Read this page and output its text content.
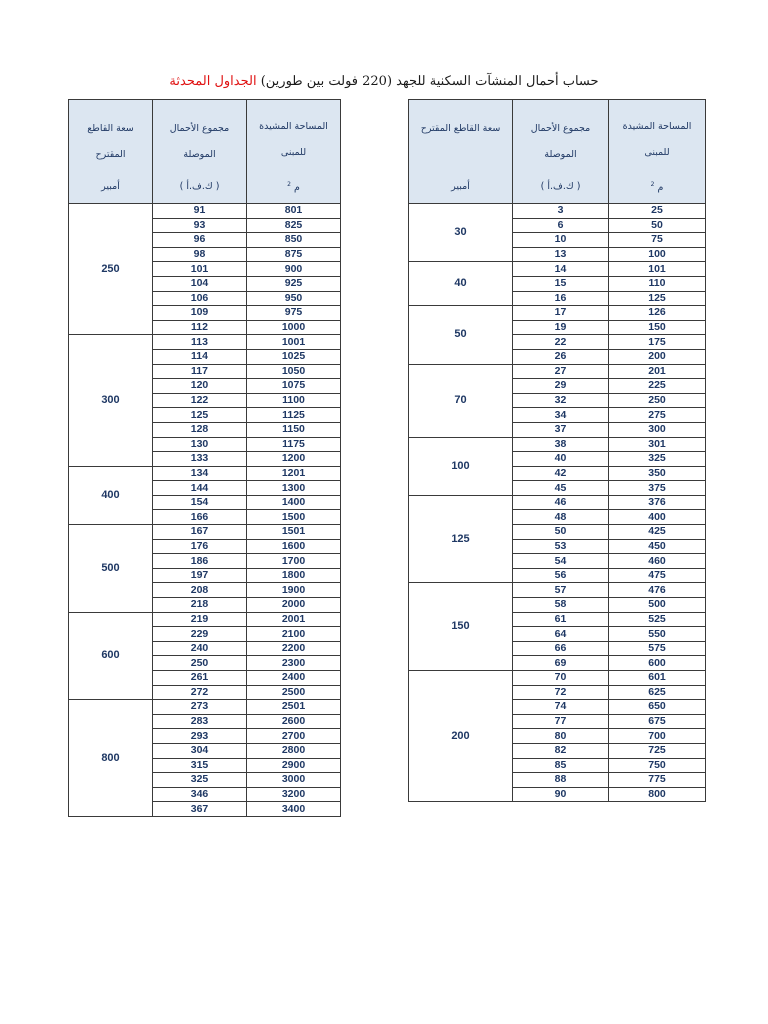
حساب أحمال المنشآت السكنية للجهد (220 فولت بين طورين) الجداول المحدثة
سعة القاطع
المقترح
أمبير	مجموع الأحمال
الموصلة
( ك.ف.أ )	المساحة المشيدة
للمبنى
م $^2$

250	91	801
	93	825
	96	850
	98	875
	101	900
	104	925
	106	950
	109	975
	112	1000
300	113	1001
	114	1025
	117	1050
	120	1075
	122	1100
	125	1125
	128	1150
	130	1175
	133	1200
400	134	1201
	144	1300
	154	1400
	166	1500
500	167	1501
	176	1600
	186	1700
	197	1800
	208	1900
	218	2000
600	219	2001
	229	2100
	240	2200
	250	2300
	261	2400
	272	2500
800	273	2501
	283	2600
	293	2700
	304	2800
	315	2900
	325	3000
	346	3200
	367	3400
سعة القاطع المقترح
أمبير	مجموع الأحمال
الموصلة
( ك.ف.أ )	المساحة المشيدة
للمبنى
م $^2$

30	3	25
	6	50
	10	75
	13	100
40	14	101
	15	110
	16	125
50	17	126
	19	150
	22	175
	26	200
70	27	201
	29	225
	32	250
	34	275
	37	300
100	38	301
	40	325
	42	350
	45	375
125	46	376
	48	400
	50	425
	53	450
	54	460
	56	475
150	57	476
	58	500
	61	525
	64	550
	66	575
	69	600
200	70	601
	72	625
	74	650
	77	675
	80	700
	82	725
	85	750
	88	775
	90	800
